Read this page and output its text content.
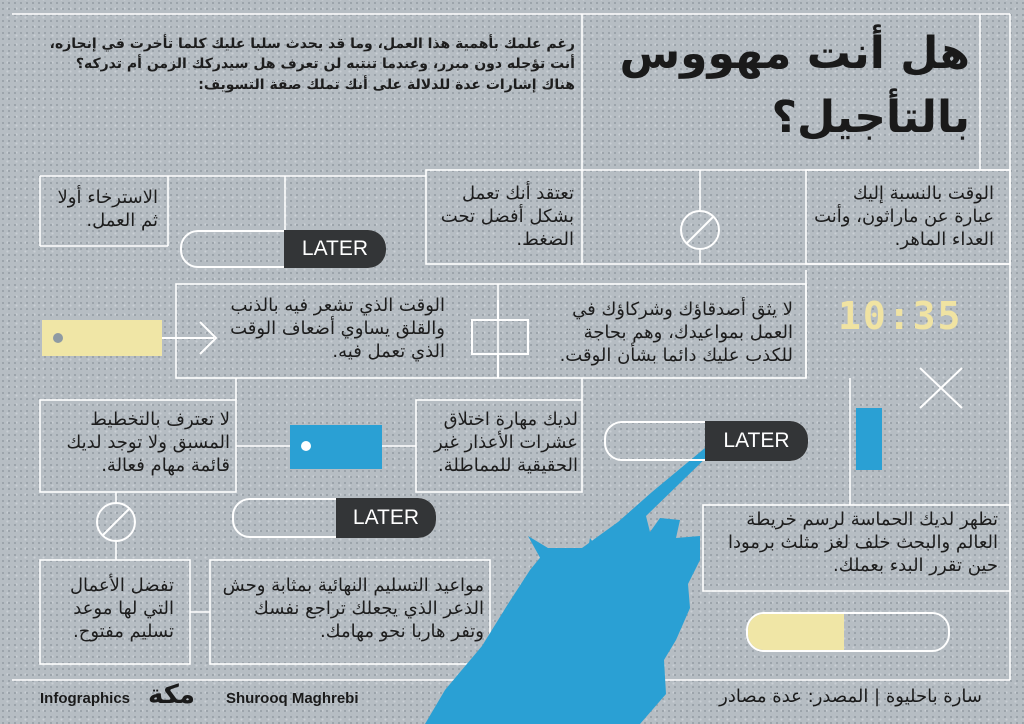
هل أنت مهووس
بالتأجيل؟
رغم علمك بأهمية هذا العمل، وما قد يحدث سلبا عليك كلما تأخرت في إنجازه،
أنت تؤجله دون مبرر، وعندما تنتبه لن تعرف هل سيدركك الزمن أم تدركه؟
هناك إشارات عدة للدلالة على أنك تملك صفة التسويف:
الاسترخاء أولا ثم العمل.
تعتقد أنك تعمل بشكل أفضل تحت الضغط.
الوقت بالنسبة إليك عبارة عن ماراثون، وأنت العداء الماهر.
الوقت الذي تشعر فيه بالذنب والقلق يساوي أضعاف الوقت الذي تعمل فيه.
لا يثق أصدقاؤك وشركاؤك في العمل بمواعيدك، وهم بحاجة للكذب عليك دائما بشأن الوقت.
لا تعترف بالتخطيط المسبق ولا توجد لديك قائمة مهام فعالة.
لديك مهارة اختلاق عشرات الأعذار غير الحقيقية للمماطلة.
تظهر لديك الحماسة لرسم خريطة العالم والبحث خلف لغز مثلث برمودا حين تقرر البدء بعملك.
تفضل الأعمال التي لها موعد تسليم مفتوح.
مواعيد التسليم النهائية بمثابة وحش الذعر الذي يجعلك تراجع نفسك وتفر هاربا نحو مهامك.
LATER
LATER
LATER
10:35
Infographics مكة Shurooq Maghrebi	سارة باحليوة | المصدر: عدة مصادر
